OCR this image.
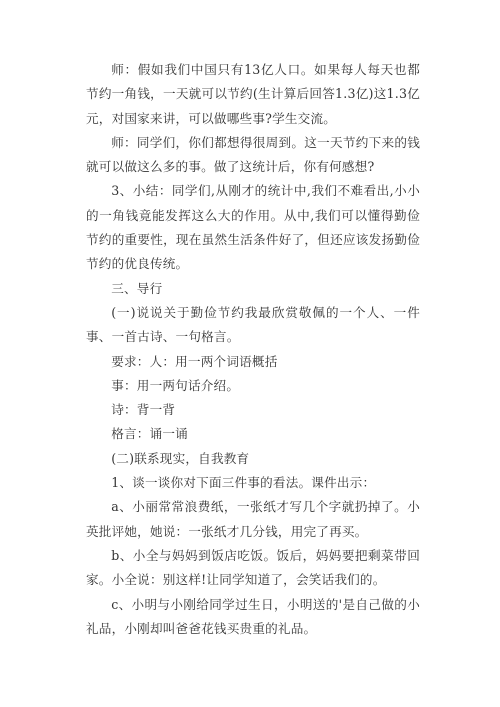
师：假如我们中国只有13亿人口。如果每人每天也都节约一角钱，一天就可以节约(生计算后回答1.3亿)这1.3亿元，对国家来讲，可以做哪些事?学生交流。

师：同学们，你们都想得很周到。这一天节约下来的钱就可以做这么多的事。做了这统计后，你有何感想?

3、小结：同学们,从刚才的统计中,我们不难看出,小小的一角钱竟能发挥这么大的作用。从中,我们可以懂得勤俭节约的重要性，现在虽然生活条件好了，但还应该发扬勤俭节约的优良传统。

三、导行

(一)说说关于勤俭节约我最欣赏敬佩的一个人、一件事、一首古诗、一句格言。

要求：人：用一两个词语概括

事：用一两句话介绍。

诗：背一背

格言：诵一诵

(二)联系现实，自我教育

1、谈一谈你对下面三件事的看法。课件出示：

a、小丽常常浪费纸，一张纸才写几个字就扔掉了。小英批评她，她说：一张纸才几分钱，用完了再买。

b、小全与妈妈到饭店吃饭。饭后，妈妈要把剩菜带回家。小全说：别这样!让同学知道了，会笑话我们的。

c、小明与小刚给同学过生日，小明送的'是自己做的小礼品，小刚却叫爸爸花钱买贵重的礼品。
